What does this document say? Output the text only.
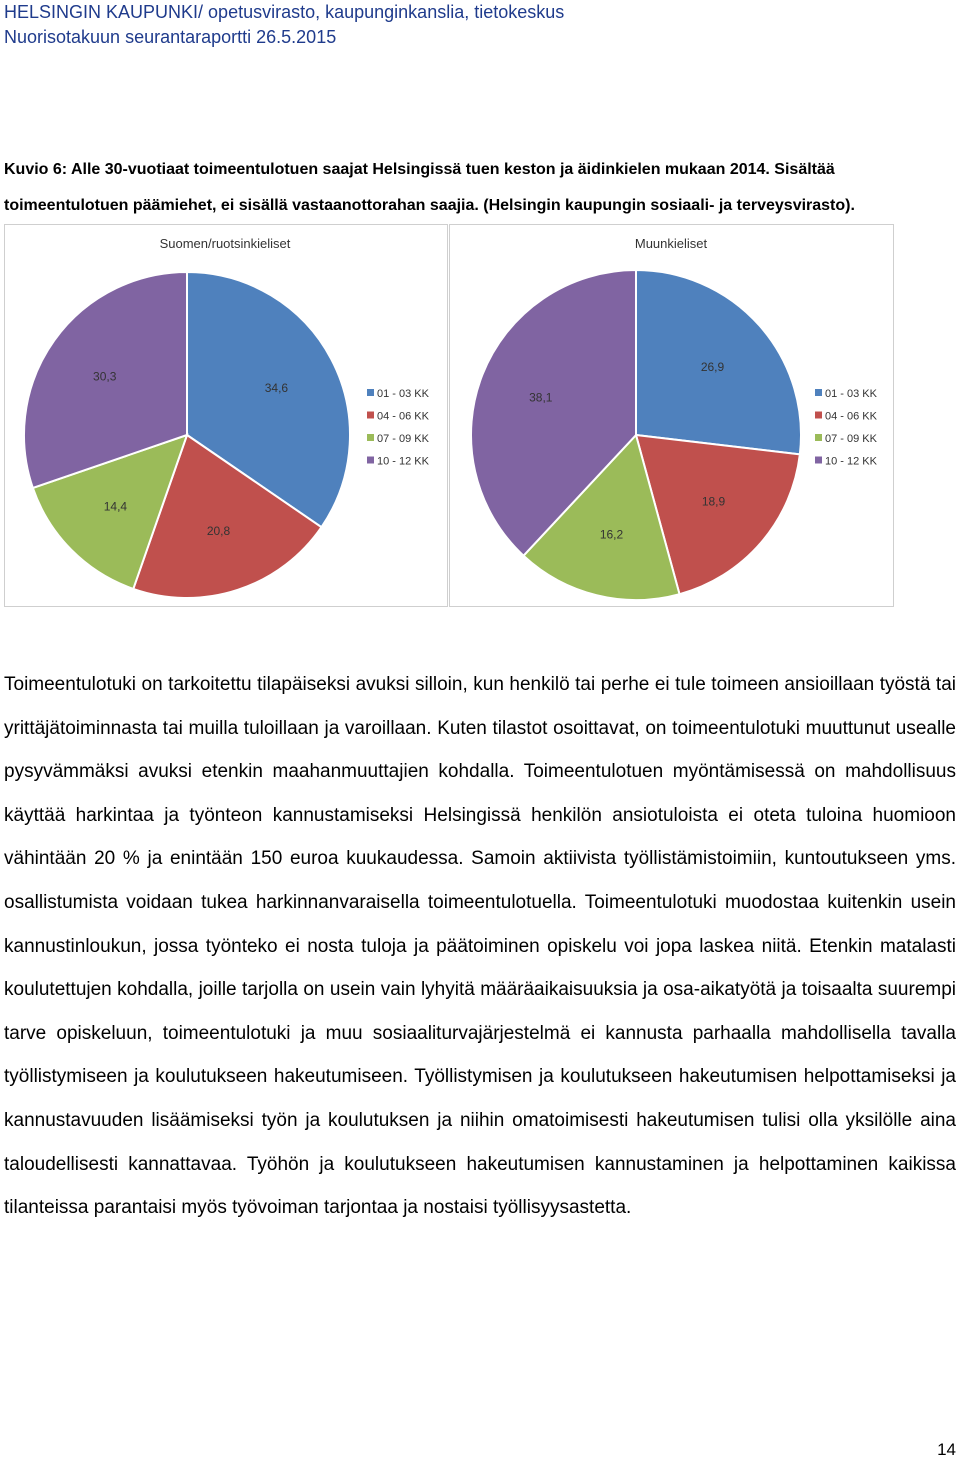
HELSINGIN KAUPUNKI/ opetusvirasto, kaupunginkanslia, tietokeskus
Nuorisotakuun seurantaraportti 26.5.2015
Kuvio 6: Alle 30-vuotiaat toimeentulotuen saajat Helsingissä tuen keston ja äidinkielen mukaan 2014. Sisältää toimeentulotuen päämiehet, ei sisällä vastaanottorahan saajia. (Helsingin kaupungin sosiaali- ja terveysvirasto).
Suomen/ruotsinkieliset
34,6
20,8
14,4
30,3
01 - 03 KK
04 - 06 KK
07 - 09 KK
10 - 12 KK
Muunkieliset
26,9
18,9
16,2
38,1	01 - 03 KK
04 - 06 KK
07 - 09 KK
10 - 12 KK

Toimeentulotuki on tarkoitettu tilapäiseksi avuksi silloin, kun henkilö tai perhe ei tule toimeen ansioillaan työstä tai yrittäjätoiminnasta tai muilla tuloillaan ja varoillaan. Kuten tilastot osoittavat, on toimeentulotuki muuttunut usealle pysyvämmäksi avuksi etenkin maahanmuuttajien kohdalla. Toimeentulotuen myöntämisessä on mahdollisuus käyttää harkintaa ja työnteon kannustamiseksi Helsingissä henkilön ansiotuloista ei oteta tuloina huomioon vähintään 20 % ja enintään 150 euroa kuukaudessa. Samoin aktiivista työllistämistoimiin, kuntoutukseen yms. osallistumista voidaan tukea harkinnanvaraisella toimeentulotuella. Toimeentulotuki muodostaa kuitenkin usein kannustinloukun, jossa työnteko ei nosta tuloja ja päätoiminen opiskelu voi jopa laskea niitä. Etenkin matalasti koulutettujen kohdalla, joille tarjolla on usein vain lyhyitä määräaikaisuuksia ja osa-aikatyötä ja toisaalta suurempi tarve opiskeluun, toimeentulotuki ja muu sosiaaliturvajärjestelmä ei kannusta parhaalla mahdollisella tavalla työllistymiseen ja koulutukseen hakeutumiseen. Työllistymisen ja koulutukseen hakeutumisen helpottamiseksi ja kannustavuuden lisäämiseksi työn ja koulutuksen ja niihin omatoimisesti hakeutumisen tulisi olla yksilölle aina taloudellisesti kannattavaa. Työhön ja koulutukseen hakeutumisen kannustaminen ja helpottaminen kaikissa tilanteissa parantaisi myös työvoiman tarjontaa ja nostaisi työllisyysastetta.

14
